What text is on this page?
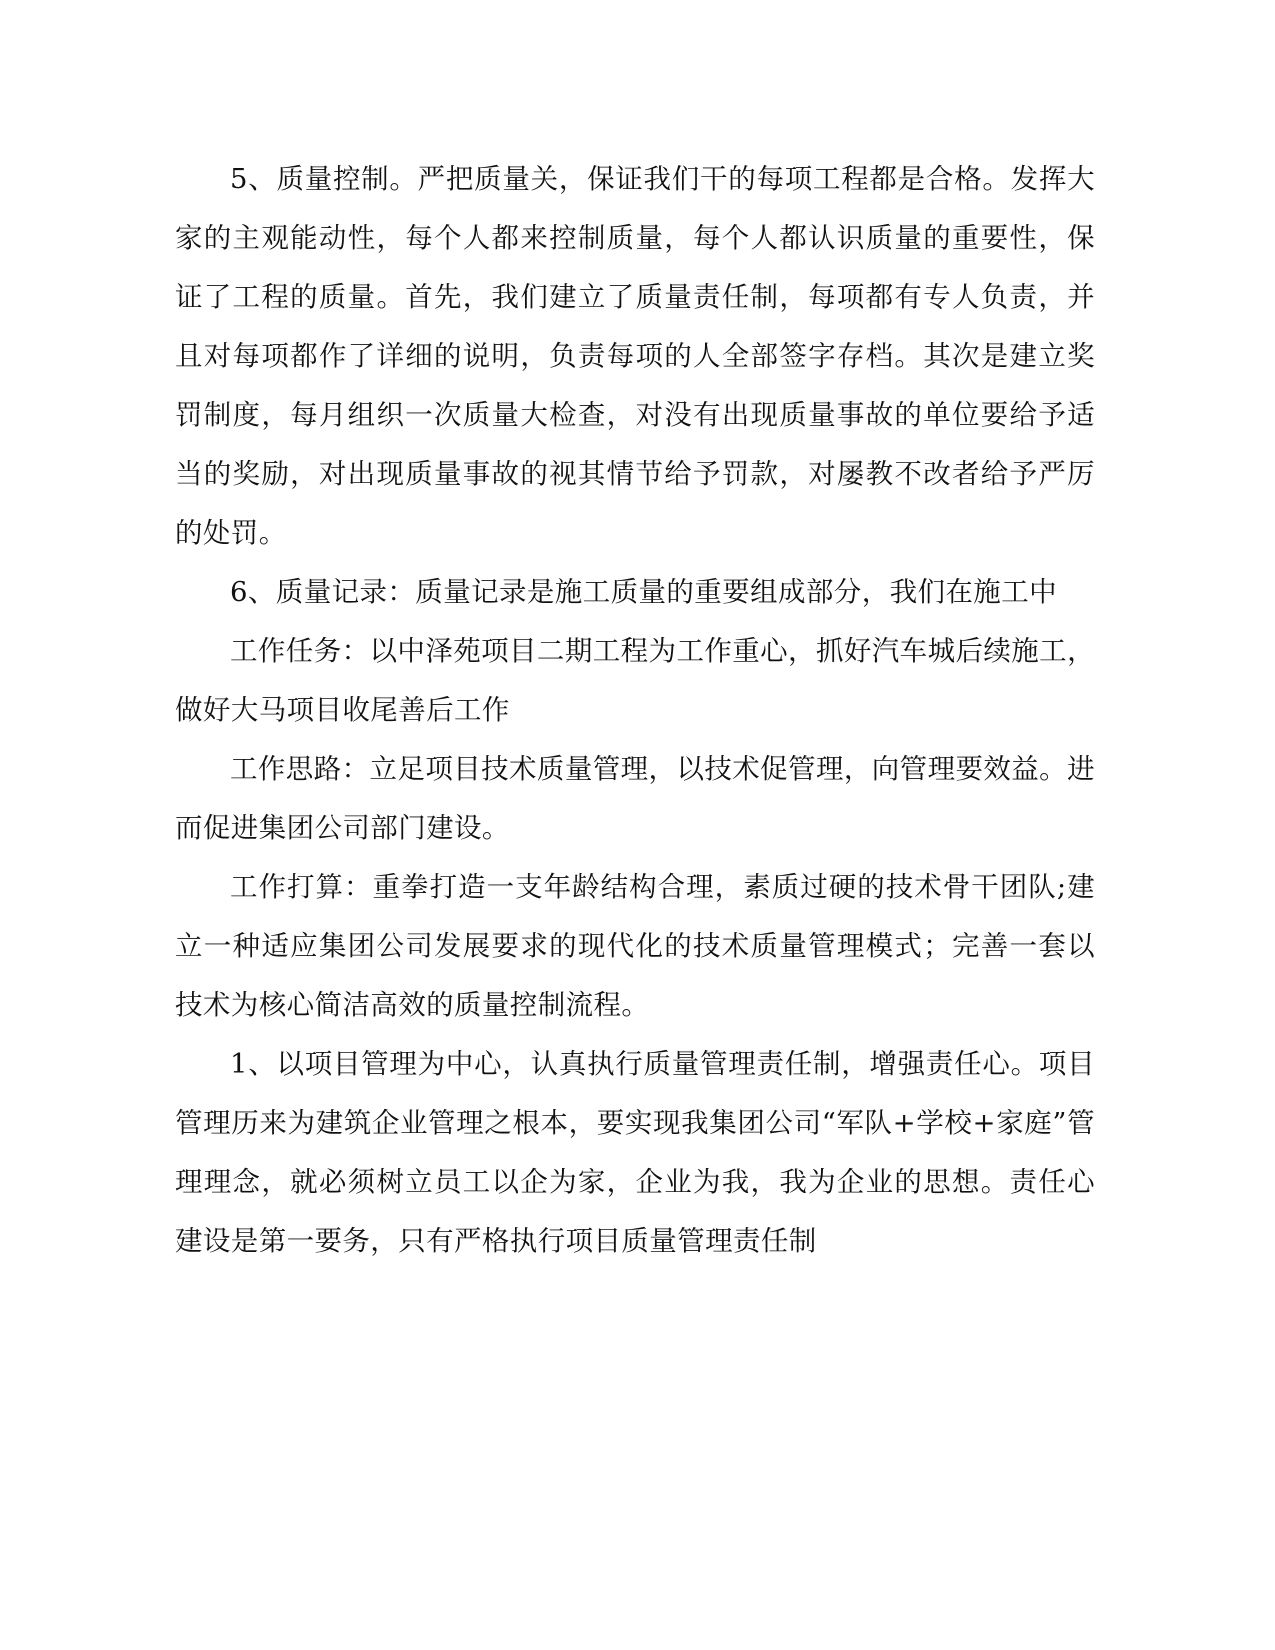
5、质量控制。严把质量关，保证我们干的每项工程都是合格。发挥大家的主观能动性，每个人都来控制质量，每个人都认识质量的重要性，保证了工程的质量。首先，我们建立了质量责任制，每项都有专人负责，并且对每项都作了详细的说明，负责每项的人全部签字存档。其次是建立奖罚制度，每月组织一次质量大检查，对没有出现质量事故的单位要给予适当的奖励，对出现质量事故的视其情节给予罚款，对屡教不改者给予严厉的处罚。

6、质量记录：质量记录是施工质量的重要组成部分，我们在施工中

工作任务：以中泽苑项目二期工程为工作重心，抓好汽车城后续施工，做好大马项目收尾善后工作

工作思路：立足项目技术质量管理，以技术促管理，向管理要效益。进而促进集团公司部门建设。

工作打算：重拳打造一支年龄结构合理，素质过硬的技术骨干团队;建立一种适应集团公司发展要求的现代化的技术质量管理模式；完善一套以技术为核心简洁高效的质量控制流程。

1、以项目管理为中心，认真执行质量管理责任制，增强责任心。项目管理历来为建筑企业管理之根本，要实现我集团公司“军队+学校+家庭”管理理念，就必须树立员工以企为家，企业为我，我为企业的思想。责任心建设是第一要务，只有严格执行项目质量管理责任制
